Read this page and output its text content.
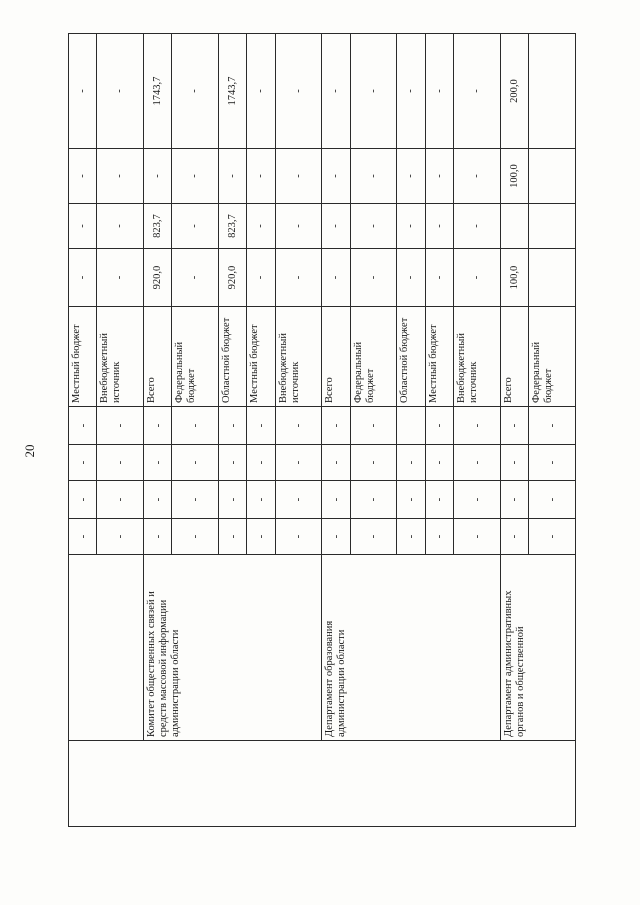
20
		-	-	-	-	Местный бюджет	-	-	-	-	
		-	-	-	-	Внебюджетный источник	-	-	-	-	
	Комитет общественных связей и средств массовой информации администрации области	-	-	-	-	Всего	920,0	823,7	-	1743,7	
		-	-	-	-	Федеральный бюджет	-	-	-	-	
		-	-	-	-	Областной бюджет	920,0	823,7	-	1743,7	
		-	-	-	-	Местный бюджет	-	-	-	-	
		-	-	-	-	Внебюджетный источник	-	-	-	-	
	Департамент образования администрации области	-	-	-	-	Всего	-	-	-	-	
		-	-	-	-	Федеральный бюджет	-	-	-	-	
		-	-	-		Областной бюджет	-	-	-	-	
		-	-	-	-	Местный бюджет	-	-	-	-	
		-	-	-	-	Внебюджетный источник	-	-	-	-	
	Департамент административных органов и общественной	-	-	-	-	Всего	100,0		100,0	200,0	
		-	-	-	-	Федеральный бюджет					
